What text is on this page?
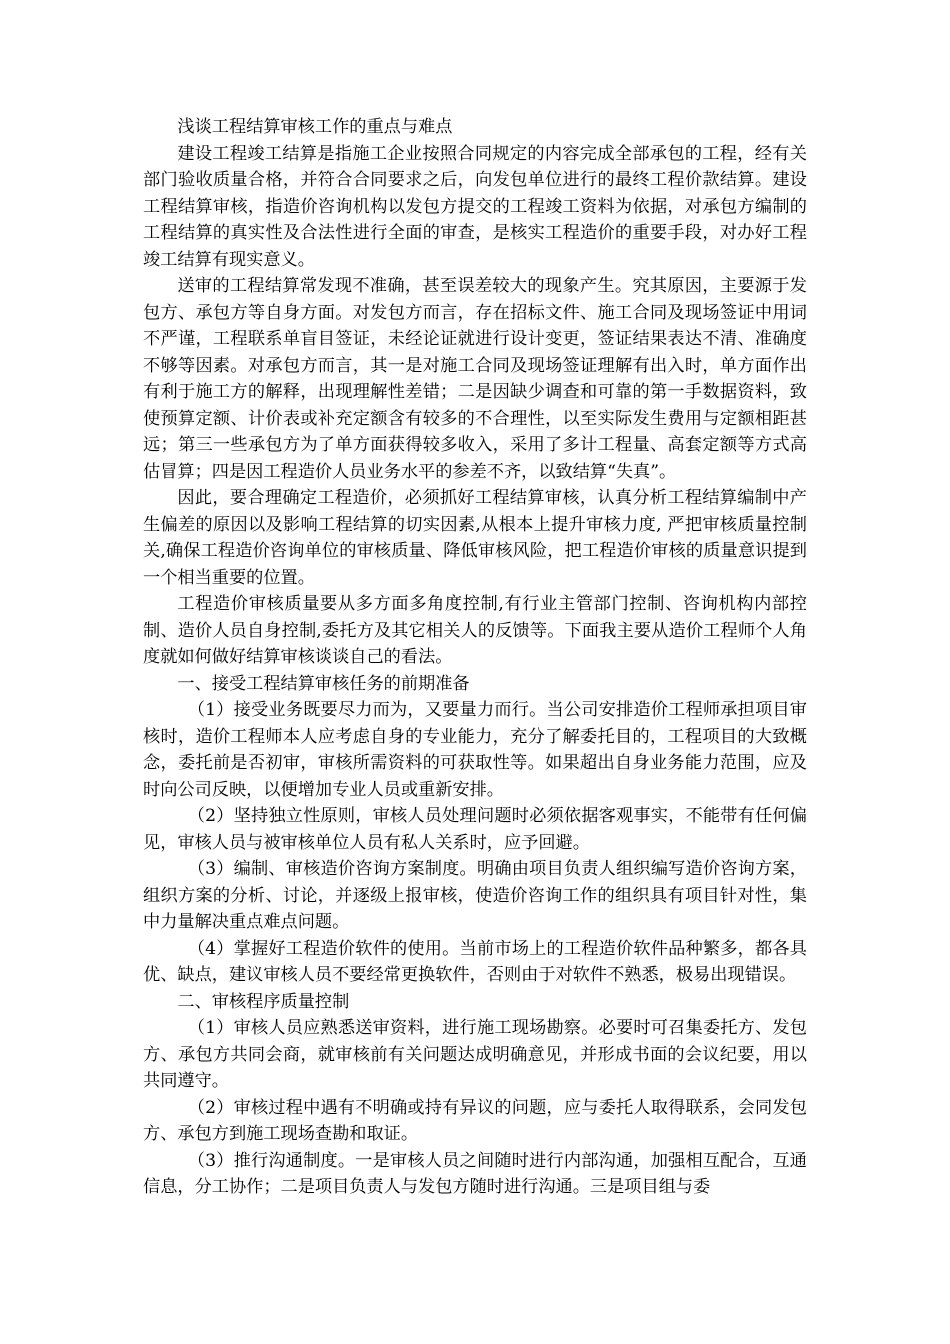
浅谈工程结算审核工作的重点与难点

建设工程竣工结算是指施工企业按照合同规定的内容完成全部承包的工程，经有关部门验收质量合格，并符合合同要求之后，向发包单位进行的最终工程价款结算。建设工程结算审核，指造价咨询机构以发包方提交的工程竣工资料为依据，对承包方编制的工程结算的真实性及合法性进行全面的审查，是核实工程造价的重要手段，对办好工程竣工结算有现实意义。

送审的工程结算常发现不准确，甚至误差较大的现象产生。究其原因，主要源于发包方、承包方等自身方面。对发包方而言，存在招标文件、施工合同及现场签证中用词不严谨，工程联系单盲目签证，未经论证就进行设计变更，签证结果表达不清、准确度不够等因素。对承包方而言，其一是对施工合同及现场签证理解有出入时，单方面作出有利于施工方的解释，出现理解性差错；二是因缺少调查和可靠的第一手数据资料，致使预算定额、计价表或补充定额含有较多的不合理性，以至实际发生费用与定额相距甚远；第三一些承包方为了单方面获得较多收入，采用了多计工程量、高套定额等方式高估冒算；四是因工程造价人员业务水平的参差不齐，以致结算“失真”。

因此，要合理确定工程造价，必须抓好工程结算审核，认真分析工程结算编制中产生偏差的原因以及影响工程结算的切实因素,从根本上提升审核力度, 严把审核质量控制关,确保工程造价咨询单位的审核质量、降低审核风险，把工程造价审核的质量意识提到一个相当重要的位置。

工程造价审核质量要从多方面多角度控制,有行业主管部门控制、咨询机构内部控制、造价人员自身控制,委托方及其它相关人的反馈等。下面我主要从造价工程师个人角度就如何做好结算审核谈谈自己的看法。

一、接受工程结算审核任务的前期准备

（1）接受业务既要尽力而为，又要量力而行。当公司安排造价工程师承担项目审核时，造价工程师本人应考虑自身的专业能力，充分了解委托目的，工程项目的大致概念，委托前是否初审，审核所需资料的可获取性等。如果超出自身业务能力范围，应及时向公司反映，以便增加专业人员或重新安排。

（2）坚持独立性原则，审核人员处理问题时必须依据客观事实，不能带有任何偏见，审核人员与被审核单位人员有私人关系时，应予回避。

（3）编制、审核造价咨询方案制度。明确由项目负责人组织编写造价咨询方案，组织方案的分析、讨论，并逐级上报审核，使造价咨询工作的组织具有项目针对性，集中力量解决重点难点问题。

（4）掌握好工程造价软件的使用。当前市场上的工程造价软件品种繁多，都各具优、缺点，建议审核人员不要经常更换软件，否则由于对软件不熟悉，极易出现错误。

二、审核程序质量控制

（1）审核人员应熟悉送审资料，进行施工现场勘察。必要时可召集委托方、发包方、承包方共同会商，就审核前有关问题达成明确意见，并形成书面的会议纪要，用以共同遵守。

（2）审核过程中遇有不明确或持有异议的问题，应与委托人取得联系，会同发包方、承包方到施工现场查勘和取证。

（3）推行沟通制度。一是审核人员之间随时进行内部沟通，加强相互配合，互通信息，分工协作；二是项目负责人与发包方随时进行沟通。三是项目组与委
